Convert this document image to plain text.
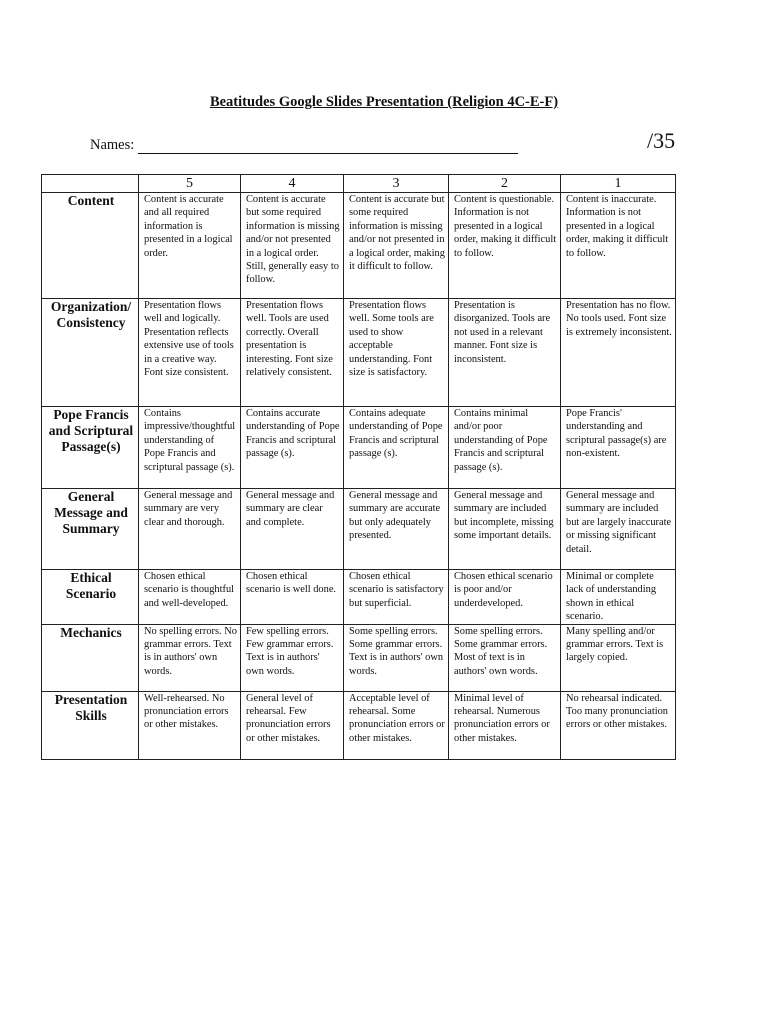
Beatitudes Google Slides Presentation (Religion 4C-E-F)
Names:	/35
	5	4	3	2	1
Content	Content is accurate and all required information is presented in a logical order.	Content is accurate but some required information is missing and/or not presented in a logical order. Still, generally easy to follow.	Content is accurate but some required information is missing and/or not presented in a logical order, making it difficult to follow.	Content is questionable. Information is not presented in a logical order, making it difficult to follow.	Content is inaccurate. Information is not presented in a logical order, making it difficult to follow.
Organization/ Consistency	Presentation flows well and logically. Presentation reflects extensive use of tools in a creative way. Font size consistent.	Presentation flows well. Tools are used correctly. Overall presentation is interesting. Font size relatively consistent.	Presentation flows well. Some tools are used to show acceptable understanding. Font size is satisfactory.	Presentation is disorganized. Tools are not used in a relevant manner. Font size is inconsistent.	Presentation has no flow. No tools used. Font size is extremely inconsistent.
Pope Francis and Scriptural Passage(s)	Contains impressive/thoughtful understanding of Pope Francis and scriptural passage (s).	Contains accurate understanding of Pope Francis and scriptural passage (s).	Contains adequate understanding of Pope Francis and scriptural passage (s).	Contains minimal and/or poor understanding of Pope Francis and scriptural passage (s).	Pope Francis' understanding and scriptural passage(s) are non-existent.
General Message and Summary	General message and summary are very clear and thorough.	General message and summary are clear and complete.	General message and summary are accurate but only adequately presented.	General message and summary are included but incomplete, missing some important details.	General message and summary are included but are largely inaccurate or missing significant detail.
Ethical Scenario	Chosen ethical scenario is thoughtful and well-developed.	Chosen ethical scenario is well done.	Chosen ethical scenario is satisfactory but superficial.	Chosen ethical scenario is poor and/or underdeveloped.	Minimal or complete lack of understanding shown in ethical scenario.
Mechanics	No spelling errors. No grammar errors. Text is in authors' own words.	Few spelling errors. Few grammar errors. Text is in authors' own words.	Some spelling errors. Some grammar errors. Text is in authors' own words.	Some spelling errors. Some grammar errors. Most of text is in authors' own words.	Many spelling and/or grammar errors. Text is largely copied.
Presentation Skills	Well-rehearsed. No pronunciation errors or other mistakes.	General level of rehearsal. Few pronunciation errors or other mistakes.	Acceptable level of rehearsal. Some pronunciation errors or other mistakes.	Minimal level of rehearsal. Numerous pronunciation errors or other mistakes.	No rehearsal indicated. Too many pronunciation errors or other mistakes.
